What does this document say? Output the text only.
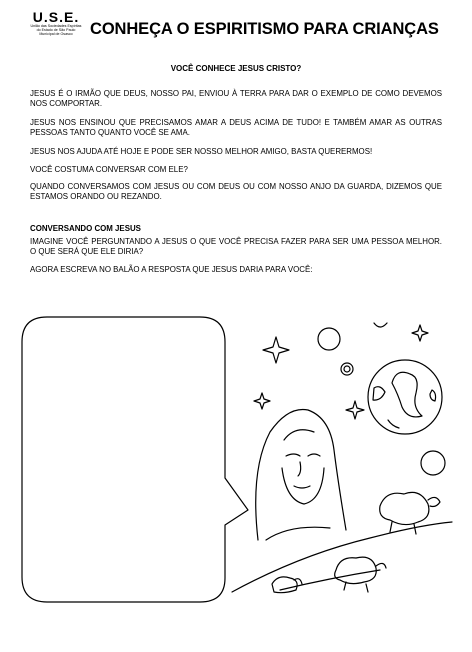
U.S.E.
União das Sociedades Espíritas
do Estado de São Paulo
Municipal de Osasco	CONHEÇA O ESPIRITISMO PARA CRIANÇAS
VOCÊ CONHECE JESUS CRISTO?

JESUS É O IRMÃO QUE DEUS, NOSSO PAI, ENVIOU À TERRA PARA DAR O EXEMPLO DE COMO DEVEMOS NOS COMPORTAR.

JESUS NOS ENSINOU QUE PRECISAMOS AMAR A DEUS ACIMA DE TUDO! E TAMBÉM AMAR AS OUTRAS PESSOAS TANTO QUANTO VOCÊ SE AMA.

JESUS NOS AJUDA ATÉ HOJE E PODE SER NOSSO MELHOR AMIGO, BASTA QUERERMOS!

VOCÊ COSTUMA CONVERSAR COM ELE?

QUANDO CONVERSAMOS COM JESUS OU COM DEUS OU COM NOSSO ANJO DA GUARDA, DIZEMOS QUE ESTAMOS ORANDO OU REZANDO.

CONVERSANDO COM JESUS

IMAGINE VOCÊ PERGUNTANDO A JESUS O QUE VOCÊ PRECISA FAZER PARA SER UMA PESSOA MELHOR. O QUE SERÁ QUE ELE DIRIA?

AGORA ESCREVA NO BALÃO A RESPOSTA QUE JESUS DARIA PARA VOCÊ:
